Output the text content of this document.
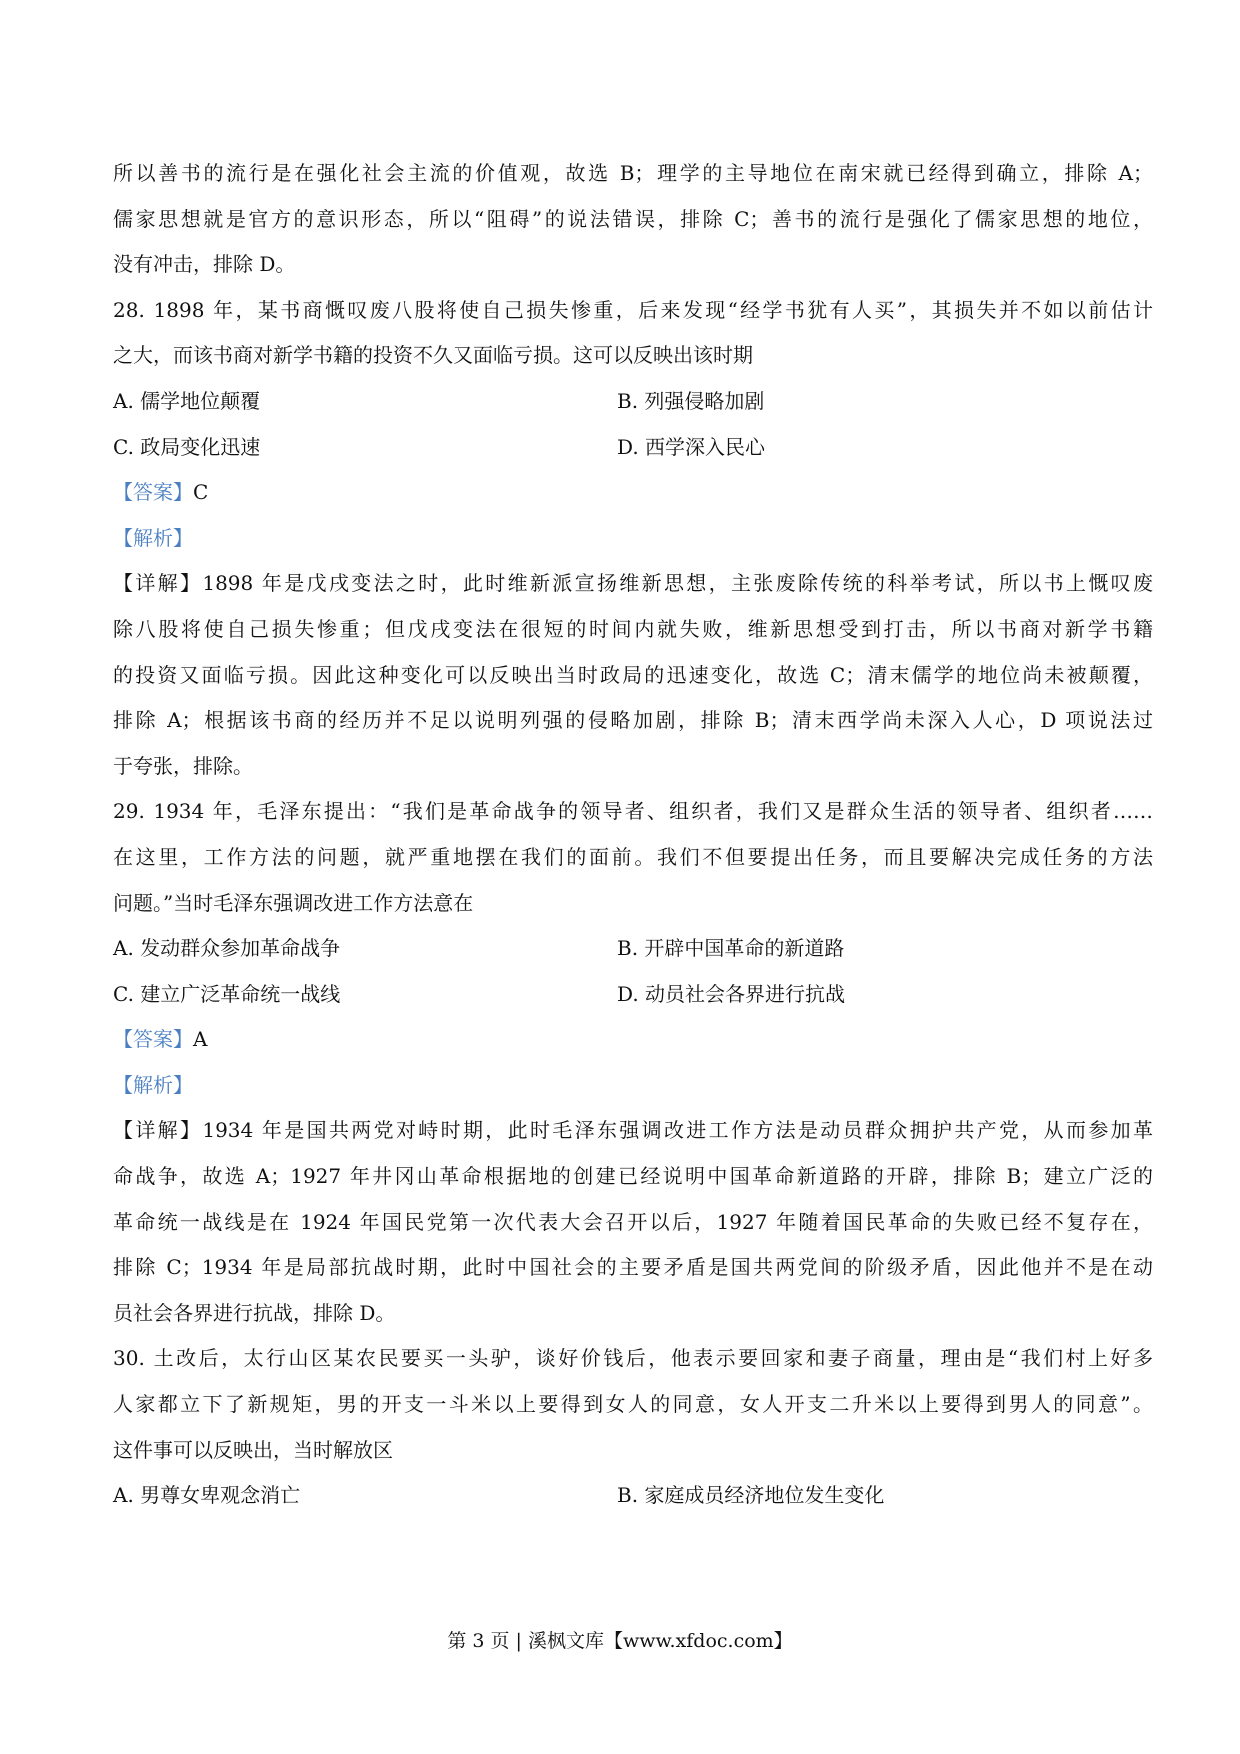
所以善书的流行是在强化社会主流的价值观，故选 B；理学的主导地位在南宋就已经得到确立，排除 A；
儒家思想就是官方的意识形态，所以“阻碍”的说法错误，排除 C；善书的流行是强化了儒家思想的地位，
没有冲击，排除 D。
28. 1898 年，某书商慨叹废八股将使自己损失惨重，后来发现“经学书犹有人买”，其损失并不如以前估计
之大，而该书商对新学书籍的投资不久又面临亏损。这可以反映出该时期
A. 儒学地位颠覆	B. 列强侵略加剧
C. 政局变化迅速	D. 西学深入民心
【答案】C
【解析】
【详解】1898 年是戊戌变法之时，此时维新派宣扬维新思想，主张废除传统的科举考试，所以书上慨叹废
除八股将使自己损失惨重；但戊戌变法在很短的时间内就失败，维新思想受到打击，所以书商对新学书籍
的投资又面临亏损。因此这种变化可以反映出当时政局的迅速变化，故选 C；清末儒学的地位尚未被颠覆，
排除 A；根据该书商的经历并不足以说明列强的侵略加剧，排除 B；清末西学尚未深入人心，D 项说法过
于夸张，排除。
29. 1934 年，毛泽东提出：“我们是革命战争的领导者、组织者，我们又是群众生活的领导者、组织者……
在这里，工作方法的问题，就严重地摆在我们的面前。我们不但要提出任务，而且要解决完成任务的方法
问题。”当时毛泽东强调改进工作方法意在
A. 发动群众参加革命战争	B. 开辟中国革命的新道路
C. 建立广泛革命统一战线	D. 动员社会各界进行抗战
【答案】A
【解析】
【详解】1934 年是国共两党对峙时期，此时毛泽东强调改进工作方法是动员群众拥护共产党，从而参加革
命战争，故选 A；1927 年井冈山革命根据地的创建已经说明中国革命新道路的开辟，排除 B；建立广泛的
革命统一战线是在 1924 年国民党第一次代表大会召开以后，1927 年随着国民革命的失败已经不复存在，
排除 C；1934 年是局部抗战时期，此时中国社会的主要矛盾是国共两党间的阶级矛盾，因此他并不是在动
员社会各界进行抗战，排除 D。
30. 土改后，太行山区某农民要买一头驴，谈好价钱后，他表示要回家和妻子商量，理由是“我们村上好多
人家都立下了新规矩，男的开支一斗米以上要得到女人的同意，女人开支二升米以上要得到男人的同意”。
这件事可以反映出，当时解放区
A. 男尊女卑观念消亡	B. 家庭成员经济地位发生变化
第 3 页 | 溪枫文库【www.xfdoc.com】
